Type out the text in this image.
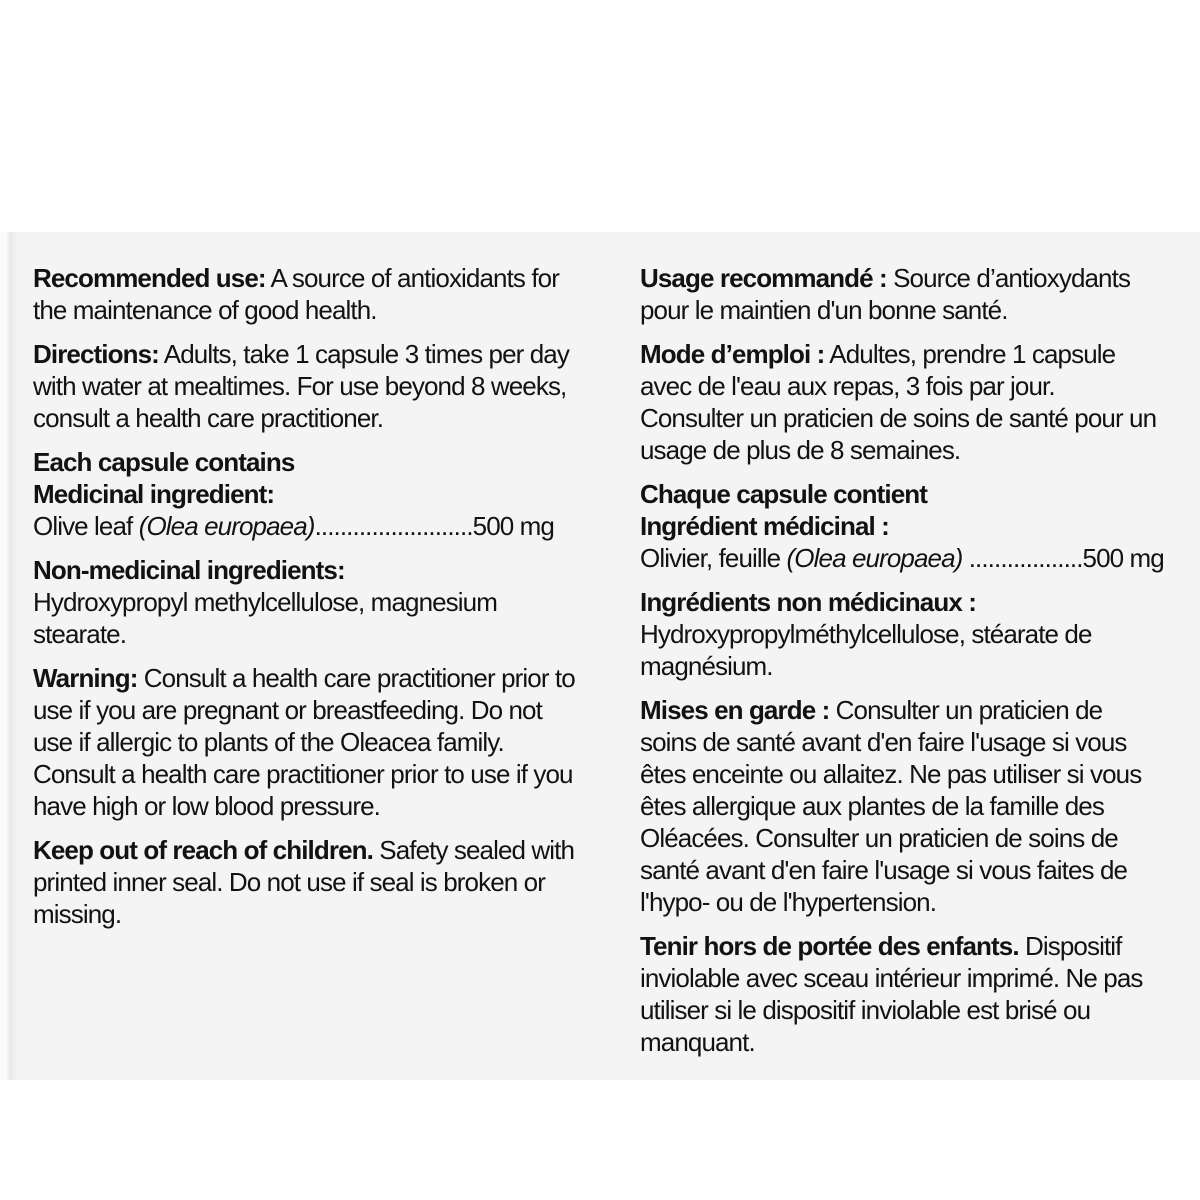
Recommended use: A source of antioxidants for the maintenance of good health.

Directions: Adults, take 1 capsule 3 times per day with water at mealtimes. For use beyond 8 weeks, consult a health care practitioner.

Each capsule contains

Medicinal ingredient:

Olive leaf (Olea europaea).........................500 mg

Non-medicinal ingredients:

Hydroxypropyl methylcellulose, magnesium stearate.

Warning: Consult a health care practitioner prior to use if you are pregnant or breastfeeding. Do not use if allergic to plants of the Oleacea family. Consult a health care practitioner prior to use if you have high or low blood pressure.

Keep out of reach of children. Safety sealed with printed inner seal. Do not use if seal is broken or missing.

Usage recommandé : Source d’antioxydants pour le maintien d'un bonne santé.

Mode d’emploi : Adultes, prendre 1 capsule avec de l'eau aux repas, 3 fois par jour. Consulter un praticien de soins de santé pour un usage de plus de 8 semaines.

Chaque capsule contient

Ingrédient médicinal :

Olivier, feuille (Olea europaea) ..................500 mg

Ingrédients non médicinaux :

Hydroxypropylméthylcellulose, stéarate de magnésium.

Mises en garde : Consulter un praticien de soins de santé avant d'en faire l'usage si vous êtes enceinte ou allaitez. Ne pas utiliser si vous êtes allergique aux plantes de la famille des Oléacées. Consulter un praticien de soins de santé avant d'en faire l'usage si vous faites de l'hypo- ou de l'hypertension.

Tenir hors de portée des enfants. Dispositif inviolable avec sceau intérieur imprimé. Ne pas utiliser si le dispositif inviolable est brisé ou manquant.
